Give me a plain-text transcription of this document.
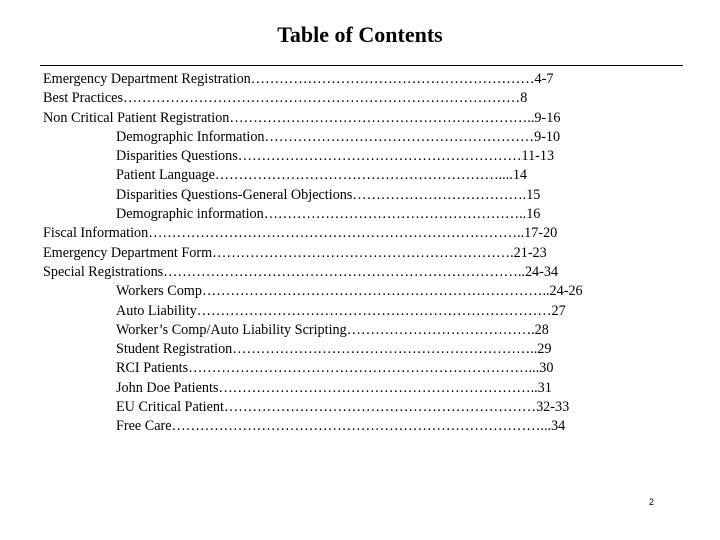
Table of Contents
Emergency Department Registration……………………………………………………4-7
Best Practices…………………………………………………………………………8
Non Critical Patient Registration………………………………………………………..9-16
Demographic Information…………………………………………………9-10
Disparities Questions……………………………………………………11-13
Patient Language……………………………………………………....14
Disparities Questions-General Objections……………………………….15
Demographic information………………………………………………..16
Fiscal Information……………………………………………………………………..17-20
Emergency Department Form……………………………………………………….21-23
Special Registrations…………………………………………………………………..24-34
Workers Comp………………………………………………………………..24-26
Auto Liability…………………………………………………………………27
Worker’s Comp/Auto Liability Scripting………………………………….28
Student Registration………………………………………………………..29
RCI Patients………………………………………………………………...30
John Doe Patients…………………………………………………………..31
EU Critical Patient…………………………………………………………32-33
Free Care……………………………………………………………………...34
2
